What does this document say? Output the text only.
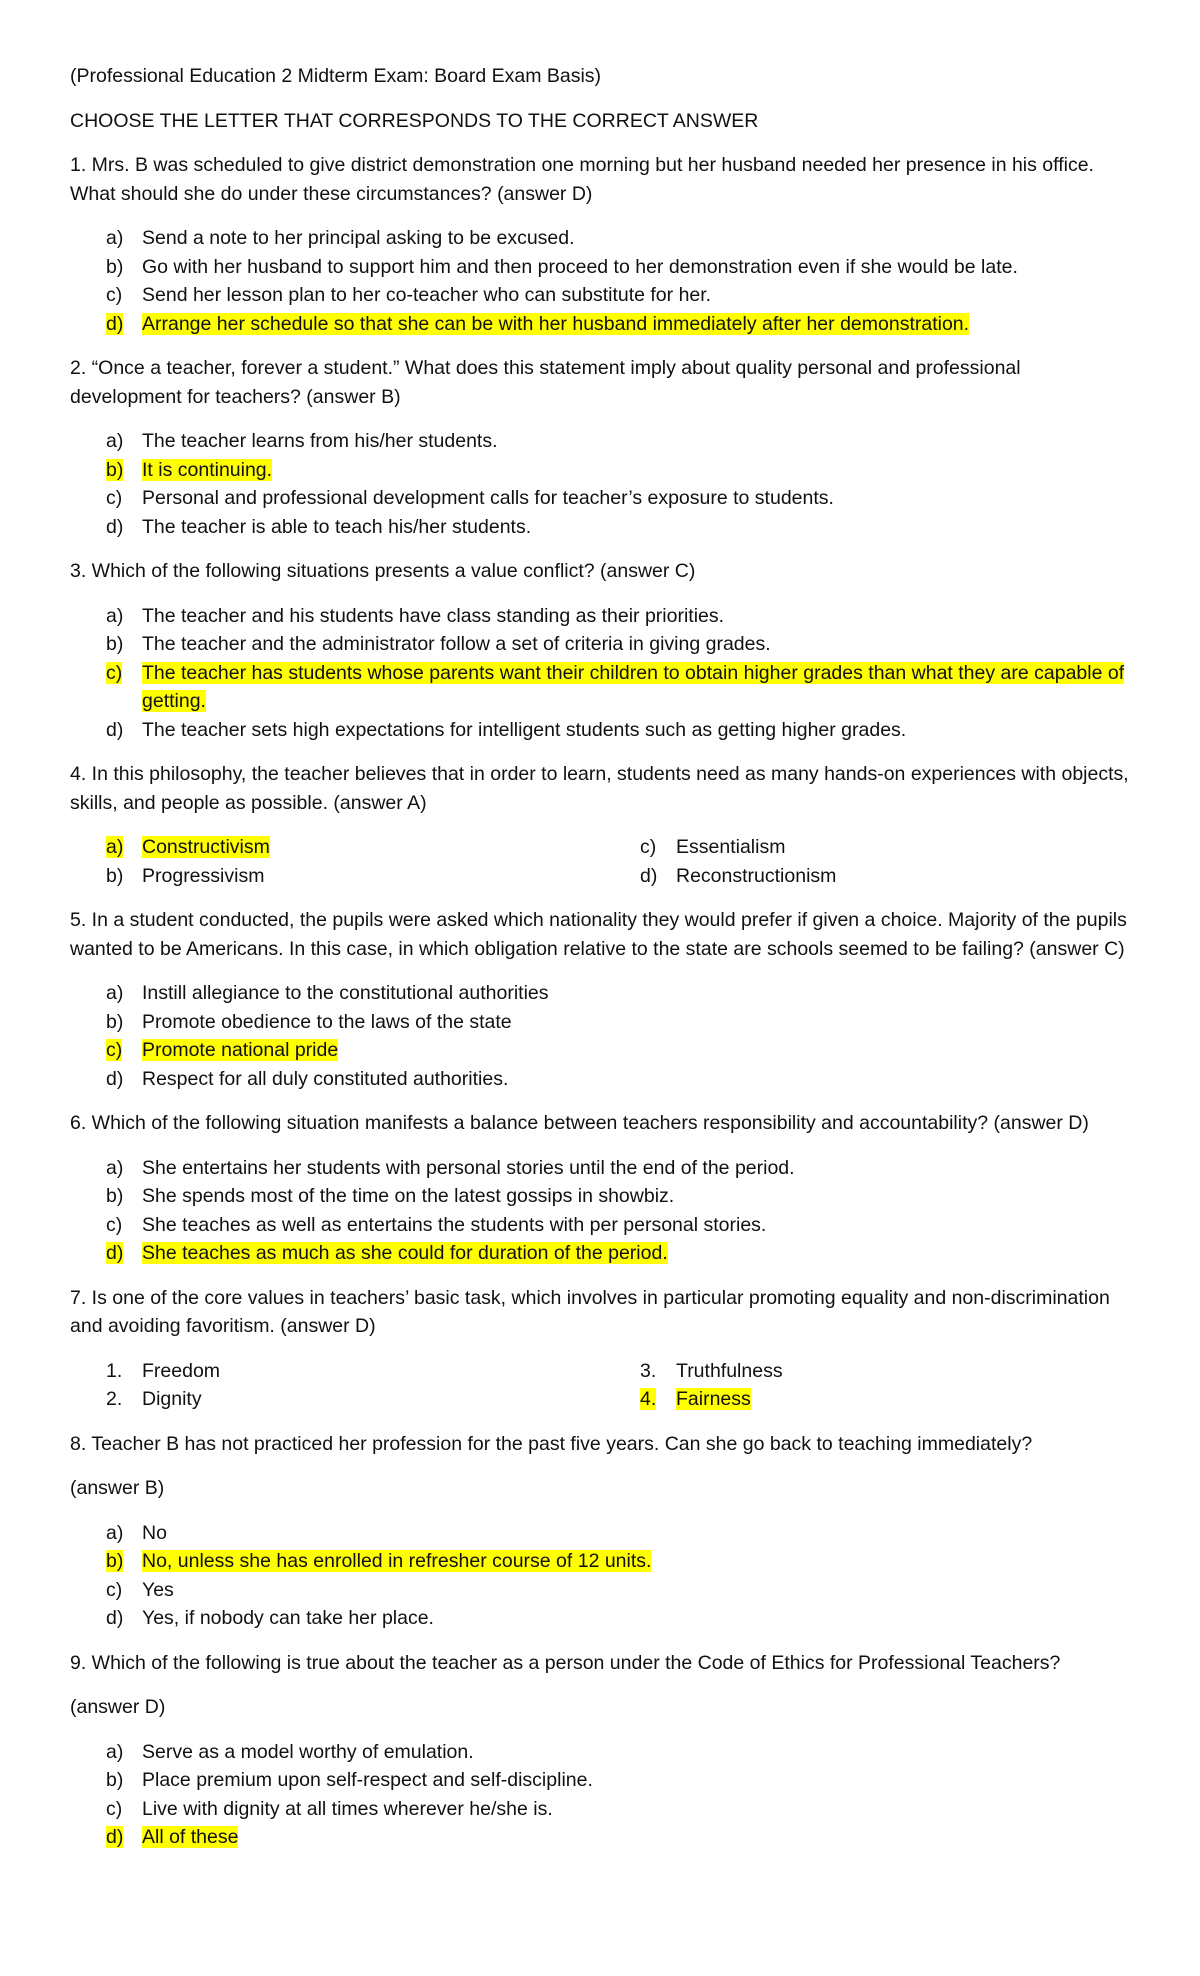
(Professional Education 2 Midterm Exam: Board Exam Basis)

CHOOSE THE LETTER THAT CORRESPONDS TO THE CORRECT ANSWER

1. Mrs. B was scheduled to give district demonstration one morning but her husband needed her presence in his office. What should she do under these circumstances? (answer D)

a) Send a note to her principal asking to be excused.
b) Go with her husband to support him and then proceed to her demonstration even if she would be late.
c)	Send her lesson plan to her co-teacher who can substitute for her.
d) Arrange her schedule so that she can be with her husband immediately after her demonstration.

2. “Once a teacher, forever a student.” What does this statement imply about quality personal and professional development for teachers? (answer B)

a) The teacher learns from his/her students.
b) It is continuing.
c)	Personal and professional development calls for teacher’s exposure to students.
d) The teacher is able to teach his/her students.

3. Which of the following situations presents a value conflict? (answer C)

a) The teacher and his students have class standing as their priorities.
b) The teacher and the administrator follow a set of criteria in giving grades.
c)	The teacher has students whose parents want their children to obtain higher grades than what they are capable of getting.
d) The teacher sets high expectations for intelligent students such as getting higher grades.

4. In this philosophy, the teacher believes that in order to learn, students need as many hands-on experiences with objects, skills, and people as possible. (answer A)

a) Constructivism
b) Progressivism
c)	Essentialism
d) Reconstructionism

5. In a student conducted, the pupils were asked which nationality they would prefer if given a choice. Majority of the pupils wanted to be Americans. In this case, in which obligation relative to the state are schools seemed to be failing? (answer C)

a) Instill allegiance to the constitutional authorities
b) Promote obedience to the laws of the state
c)	Promote national pride
d) Respect for all duly constituted authorities.

6. Which of the following situation manifests a balance between teachers responsibility and accountability? (answer D)

a) She entertains her students with personal stories until the end of the period.
b) She spends most of the time on the latest gossips in showbiz.
c)	She teaches as well as entertains the students with per personal stories.
d) She teaches as much as she could for duration of the period.

7. Is one of the core values in teachers’ basic task, which involves in particular promoting equality and non-discrimination and avoiding favoritism. (answer D)

1.	Freedom
2.	Dignity
3.	Truthfulness
4.	Fairness

8. Teacher B has not practiced her profession for the past five years. Can she go back to teaching immediately?

(answer B)

a) No
b) No, unless she has enrolled in refresher course of 12 units.
c)	Yes
d) Yes, if nobody can take her place.

9. Which of the following is true about the teacher as a person under the Code of Ethics for Professional Teachers?

(answer D)

a) Serve as a model worthy of emulation.
b) Place premium upon self-respect and self-discipline.
c)	Live with dignity at all times wherever he/she is.
d) All of these
